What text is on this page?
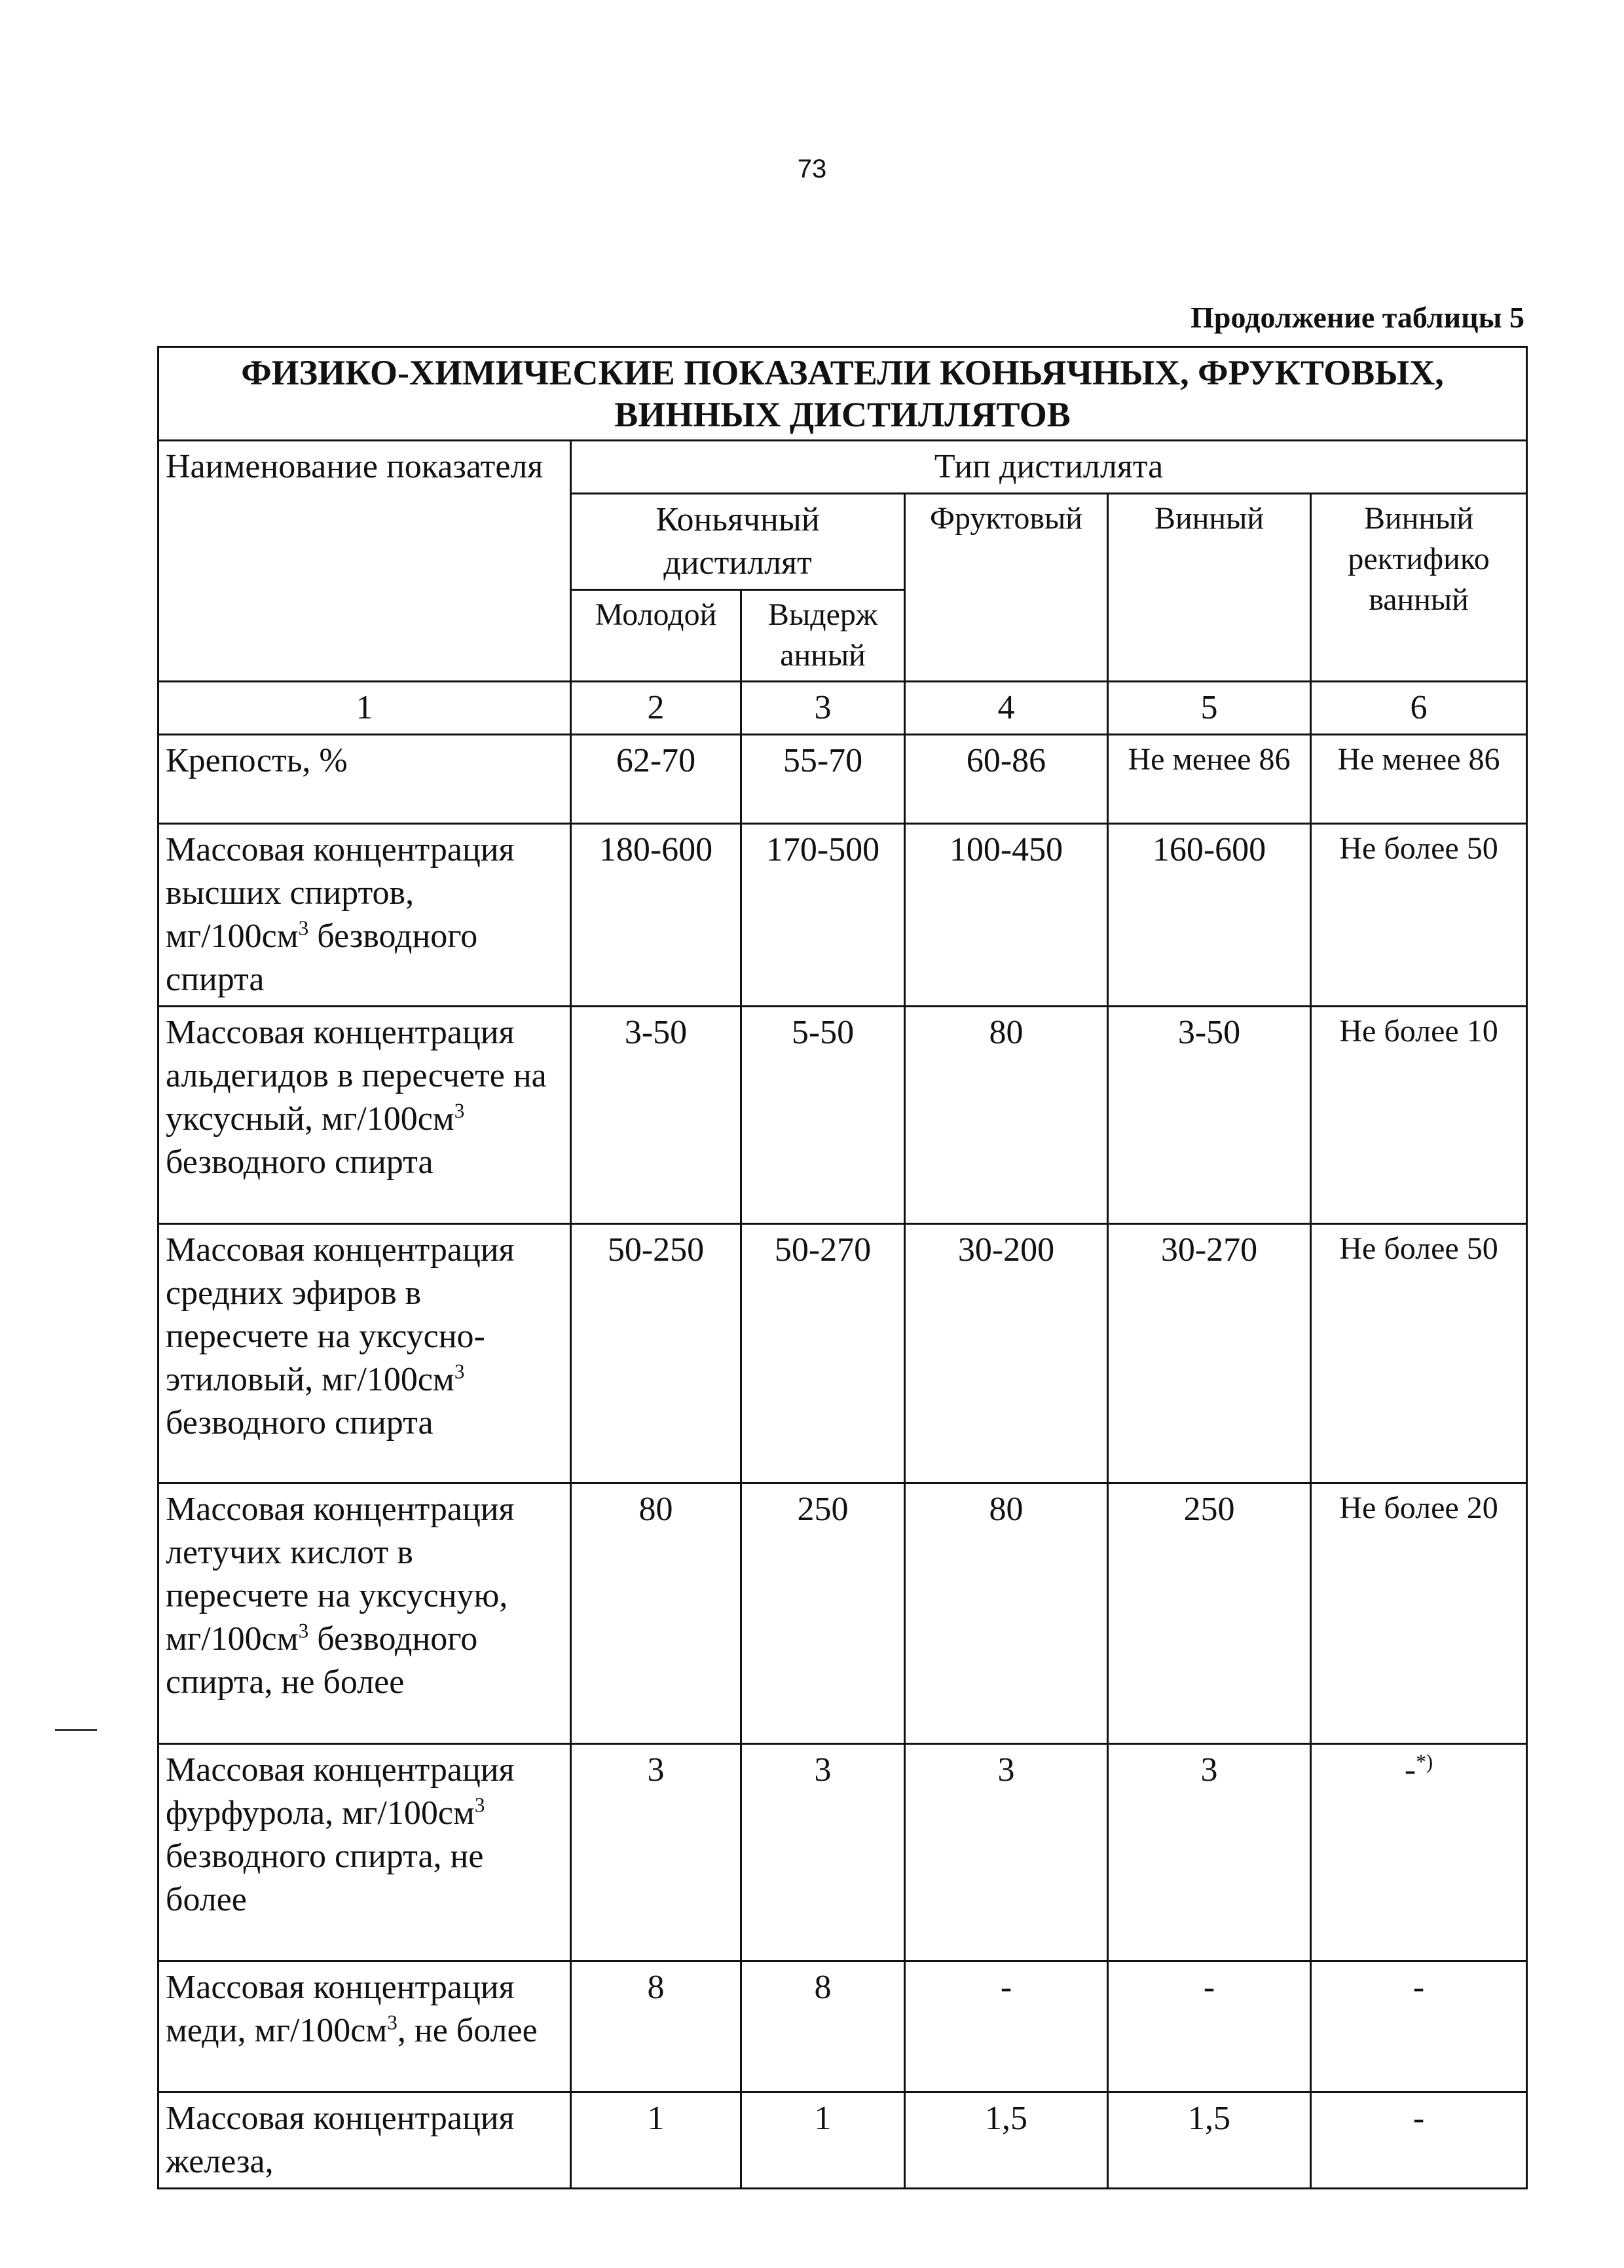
73
Продолжение таблицы 5
ФИЗИКО-ХИМИЧЕСКИЕ ПОКАЗАТЕЛИ КОНЬЯЧНЫХ, ФРУКТОВЫХ, ВИННЫХ ДИСТИЛЛЯТОВ					
Наименование показателя	Тип дистиллята				
	Коньячный дистиллят		Фруктовый	Винный	Винный ректифико ванный
	Молодой	Выдерж анный			
1	2	3	4	5	6
Крепость, %	62-70	55-70	60-86	Не менее 86	Не менее 86
Массовая концентрация высших спиртов, $мг/100см^3$ безводного спирта	180-600	170-500	100-450	160-600	Не более 50
Массовая концентрация альдегидов в пересчете на уксусный, $мг/100см^3$ безводного спирта	3-50	5-50	80	3-50	Не более 10
Массовая концентрация средних эфиров в пересчете на уксусно-этиловый, $мг/100см^3$ безводного спирта	50-250	50-270	30-200	30-270	Не более 50
Массовая концентрация летучих кислот в пересчете на уксусную, $мг/100см^3$ безводного спирта, не более	80	250	80	250	Не более 20
Массовая концентрация фурфурола, $мг/100см^3$ безводного спирта, не более	3	3	3	3	-*)
Массовая концентрация меди, $мг/100см^3$, не более	8	8	-	-	-
Массовая концентрация железа,	1	1	1,5	1,5	-
